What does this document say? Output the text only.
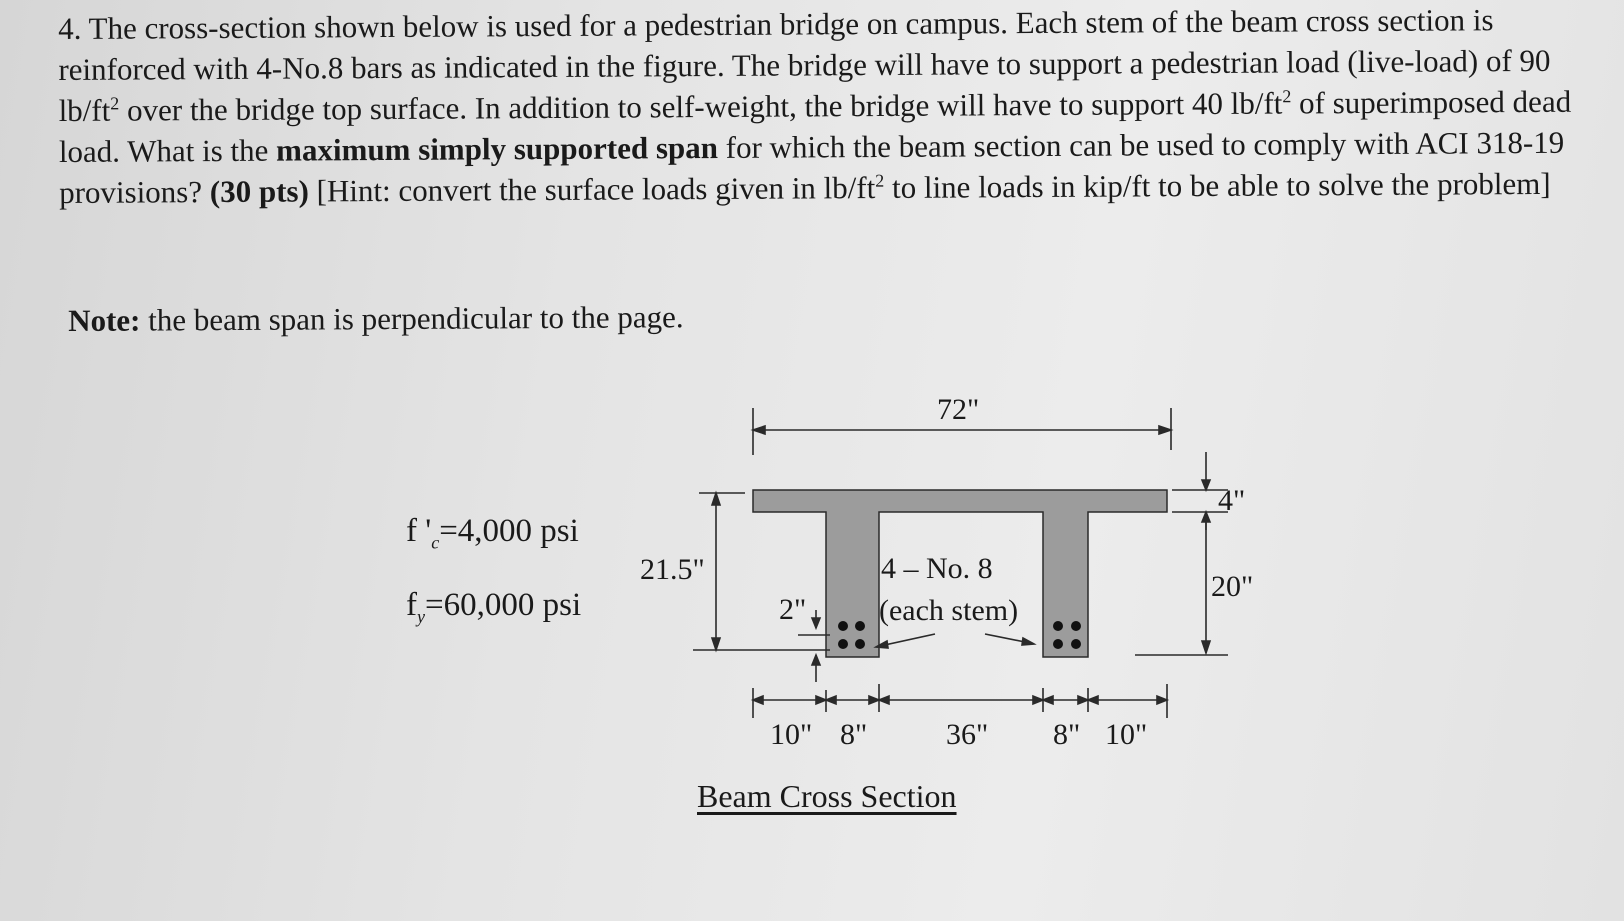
4. The cross-section shown below is used for a pedestrian bridge on campus. Each stem of the beam cross section is reinforced with 4-No.8 bars as indicated in the figure. The bridge will have to support a pedestrian load (live-load) of 90 $lb/ft^2$ over the bridge top surface. In addition to self-weight, the bridge will have to support 40 $lb/ft^2$ of superimposed dead load. What is the maximum simply supported span for which the beam section can be used to comply with ACI 318-19 provisions? (30 pts) [Hint: convert the surface loads given in $lb/ft^2$ to line loads in kip/ft to be able to solve the problem]

Note: the beam span is perpendicular to the page.
f '$_c=4,000$ psi
$f_y=60,000$ psi
72"
4"
20"
21.5"
2"
4 – No. 8
(each stem)
10" 8"	36" 8" 10"
Beam Cross Section
